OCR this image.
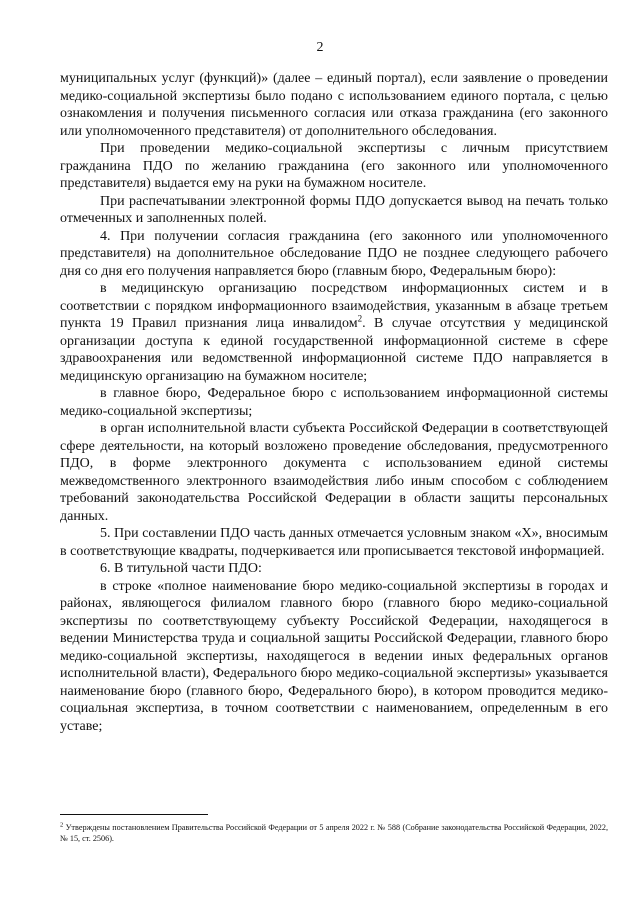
2

муниципальных услуг (функций)» (далее – единый портал), если заявление о проведении медико-социальной экспертизы было подано с использованием единого портала, с целью ознакомления и получения письменного согласия или отказа гражданина (его законного или уполномоченного представителя) от дополнительного обследования.

При проведении медико-социальной экспертизы с личным присутствием гражданина ПДО по желанию гражданина (его законного или уполномоченного представителя) выдается ему на руки на бумажном носителе.

При распечатывании электронной формы ПДО допускается вывод на печать только отмеченных и заполненных полей.

4. При получении согласия гражданина (его законного или уполномоченного представителя) на дополнительное обследование ПДО не позднее следующего рабочего дня со дня его получения направляется бюро (главным бюро, Федеральным бюро):

в медицинскую организацию посредством информационных систем и в соответствии с порядком информационного взаимодействия, указанным в абзаце третьем пункта 19 Правил признания лица инвалидом$^2$. В случае отсутствия у медицинской организации доступа к единой государственной информационной системе в сфере здравоохранения или ведомственной информационной системе ПДО направляется в медицинскую организацию на бумажном носителе;

в главное бюро, Федеральное бюро с использованием информационной системы медико-социальной экспертизы;

в орган исполнительной власти субъекта Российской Федерации в соответствующей сфере деятельности, на который возложено проведение обследования, предусмотренного ПДО, в форме электронного документа с использованием единой системы межведомственного электронного взаимодействия либо иным способом с соблюдением требований законодательства Российской Федерации в области защиты персональных данных.

5. При составлении ПДО часть данных отмечается условным знаком «Х», вносимым в соответствующие квадраты, подчеркивается или прописывается текстовой информацией.

6. В титульной части ПДО:

в строке «полное наименование бюро медико-социальной экспертизы в городах и районах, являющегося филиалом главного бюро (главного бюро медико-социальной экспертизы по соответствующему субъекту Российской Федерации, находящегося в ведении Министерства труда и социальной защиты Российской Федерации, главного бюро медико-социальной экспертизы, находящегося в ведении иных федеральных органов исполнительной власти), Федерального бюро медико-социальной экспертизы» указывается наименование бюро (главного бюро, Федерального бюро), в котором проводится медико-социальная экспертиза, в точном соответствии с наименованием, определенным в его уставе;

$^2$ Утверждены постановлением Правительства Российской Федерации от 5 апреля 2022 г. № 588 (Собрание законодательства Российской Федерации, 2022, № 15, ст. 2506).
